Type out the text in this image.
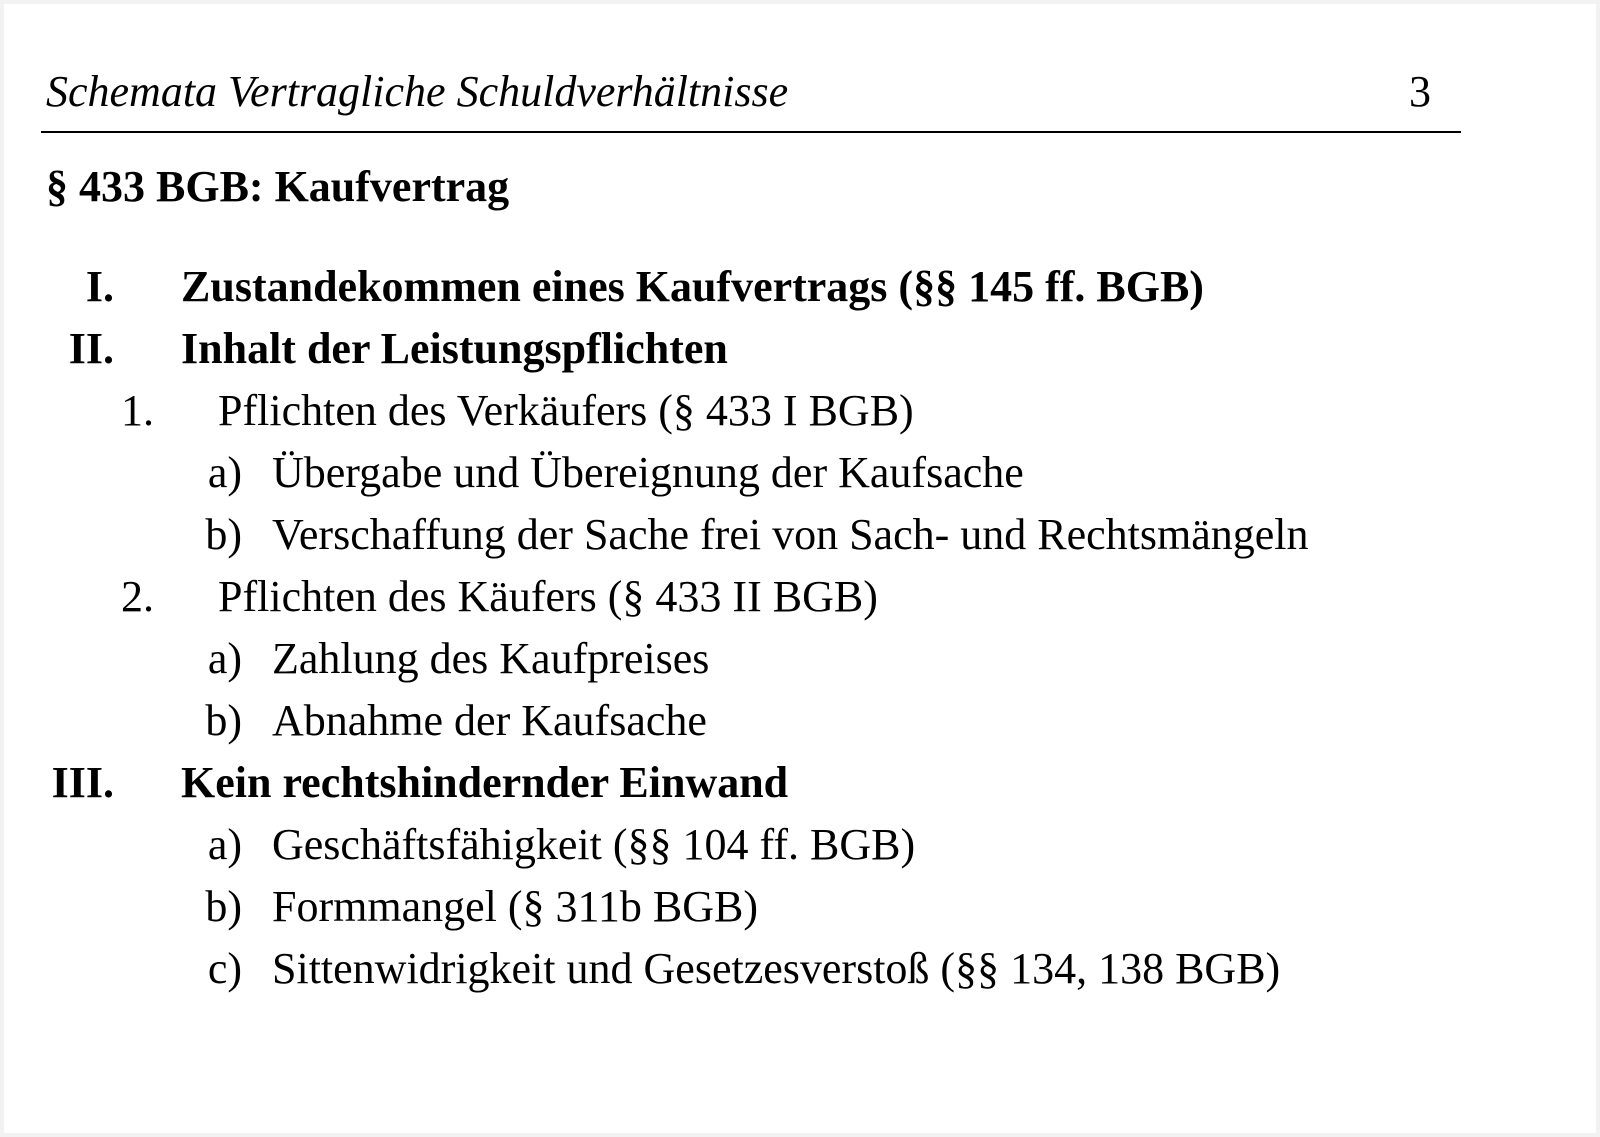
Schemata Vertragliche Schuldverhältnisse	3
§ 433 BGB: Kaufvertrag
I. Zustandekommen eines Kaufvertrags (§§ 145 ff. BGB)
II. Inhalt der Leistungspflichten
1. Pflichten des Verkäufers (§ 433 I BGB)
a) Übergabe und Übereignung der Kaufsache
b) Verschaffung der Sache frei von Sach- und Rechtsmängeln
2. Pflichten des Käufers (§ 433 II BGB)
a) Zahlung des Kaufpreises
b) Abnahme der Kaufsache
III. Kein rechtshindernder Einwand
a) Geschäftsfähigkeit (§§ 104 ff. BGB)
b) Formmangel (§ 311b BGB)
c) Sittenwidrigkeit und Gesetzesverstoß (§§ 134, 138 BGB)
